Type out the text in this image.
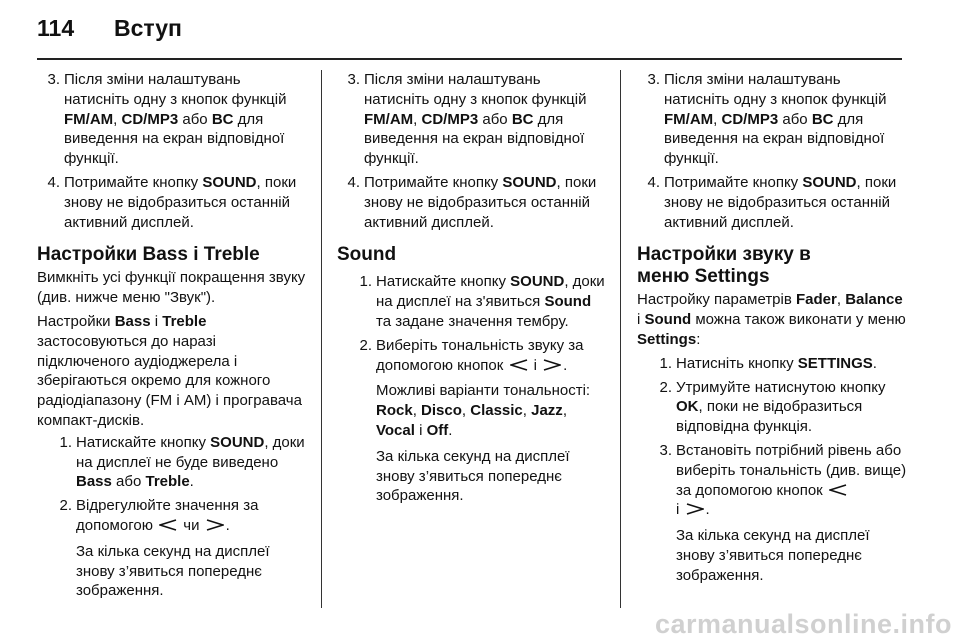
114 Вступ
3. Після зміни налаштувань натисніть одну з кнопок функцій FM/AM, CD/MP3 або BC для виведення на екран відповідної функції.
4. Потримайте кнопку SOUND, поки знову не відобразиться останній активний дисплей.
Настройки Bass і Treble

Вимкніть усі функції покращення звуку (див. нижче меню "Звук").

Настройки Bass і Treble застосовуються до наразі підключеного аудіоджерела і зберігаються окремо для кожного радіодіапазону (FM і AM) і програвача компакт-дисків.

1. Натискайте кнопку SOUND, доки на дисплеї не буде виведено Bass або Treble.
2. Відрегулюйте значення за допомогою  чи .

За кілька секунд на дисплеї знову з’явиться попереднє зображення.

3. Після зміни налаштувань натисніть одну з кнопок функцій FM/AM, CD/MP3 або BC для виведення на екран відповідної функції.
4. Потримайте кнопку SOUND, поки знову не відобразиться останній активний дисплей.
Sound
1. Натискайте кнопку SOUND, доки на дисплеї на з'явиться Sound та задане значення тембру.
2. Виберіть тональність звуку за допомогою кнопок  і .

Можливі варіанти тональності: Rock, Disco, Classic, Jazz, Vocal і Off.

За кілька секунд на дисплеї знову з’явиться попереднє зображення.

3. Після зміни налаштувань натисніть одну з кнопок функцій FM/AM, CD/MP3 або BC для виведення на екран відповідної функції.
4. Потримайте кнопку SOUND, поки знову не відобразиться останній активний дисплей.
Настройки звуку в меню Settings

Настройку параметрів Fader, Balance і Sound можна також виконати у меню Settings:

1. Натисніть кнопку SETTINGS.
2. Утримуйте натиснутою кнопку OK, поки не відобразиться відповідна функція.
3. Встановіть потрібний рівень або виберіть тональність (див. вище) за допомогою кнопок
і .

За кілька секунд на дисплеї знову з’явиться попереднє зображення.

carmanualsonline.info
